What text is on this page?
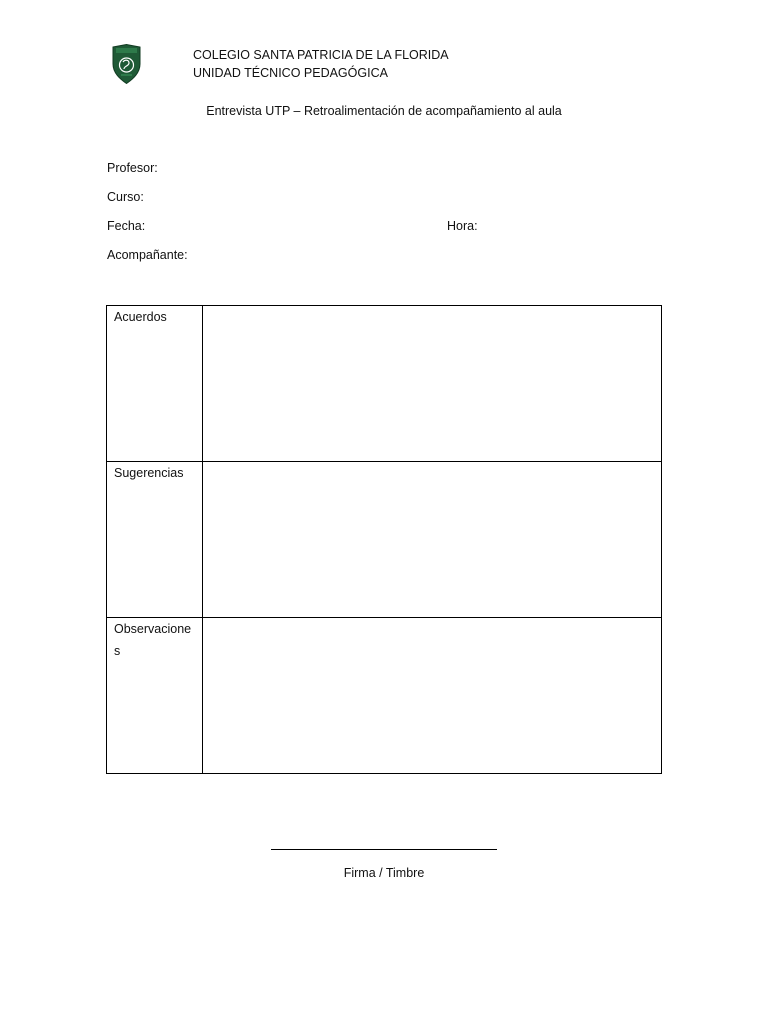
COLEGIO SANTA PATRICIA DE LA FLORIDA
UNIDAD TÉCNICO PEDAGÓGICA
Entrevista UTP – Retroalimentación de acompañamiento al aula
Profesor:
Curso:
Fecha:	Hora:
Acompañante:
Acuerdos	
Sugerencias	
Observaciones	
Firma / Timbre
